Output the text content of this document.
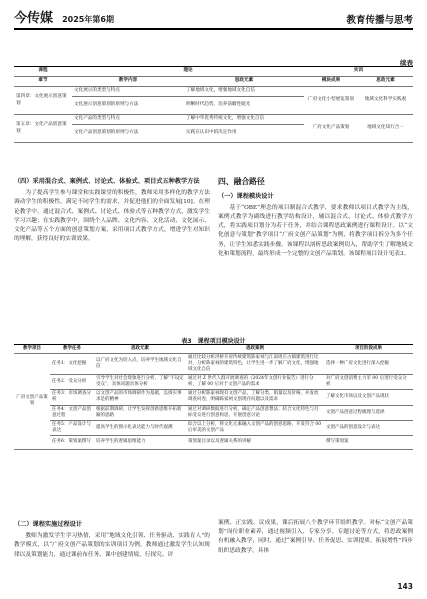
今传媒 2025年第6期	教育传播与思考
续表
课程	理论		实训	
章节	教学内容	思政元素	模块成果	思政元素
第四章：文化展示创意策划	文化展示的类型与特点	了解地域文化，增强地域文化自信	广府文化小型展览策划	地域文化科学实践观
	文化展示创意策划的原则与方法	明晰时代趋势，培养前瞻性眼光		
第五章：文化产品创意策划	文化产品的类型与特点	了解中华优秀传统文化，增强文化自信	广府文化产品策划	地域文化知行合一
	文化产品创意策划的原则与方法	实践在认识中的决定作用		
（四）采用混合式、案例式、讨论式、体验式、项目式五种教学方法

为了提高学生参与课堂和实践课堂的积极性，教师采用多样化的教学方法调动学生的积极性，满足不同学生的需求，并促进他们的全面发展[10]。在理论教学中，通过混合式、案例式、讨论式、体验式等五种教学方式，激发学生学习兴趣；在实践教学中，围绕个人品牌、文化内容、文化活动、文化展示、文化产品等五个方面的创意策划方案，采用项目式教学方式，增进学生对知识的理解，获得良好的实训效果。

四、融合路径
（一）课程模块设计

基于“OBE”理念的项目制混合式教学，要求教师以项目式教学为主线，案例式教学为副线进行教学结构设计，辅以混合式、讨论式、体验式教学方式，将实践项目划分为若干任务，并结合课程思政案例进行课程设计。以“文化创意与策划”教学项目“广府文创产品策划”为例，将教学项目拆分为多个任务，让学生知悉实践步骤。该课程以剖析思政案例切入，帮助学生了解地域文化和策划流程，最终形成一个完整的文创产品策划。该课程项目设计见表3。

表3　课程项目模块设计
教学项目	教学任务	思政元素	思政案例	项目阶段成果
广府文创产品策划	任务1：文化挖掘	以广府文化为切入点，培养学生地域文化自信	通过比较分析洪桥开府传统建筑陈家祠与江南周庄古镇建筑进行比对，分析陈家祠的建筑特色，让学生进一步了解广府文化，增强地域文化自信	选择一种广府文化进行深入挖掘
	任务2：受众分析	引导学生对社会现象进行分析，了解“不设定受众”，具体问题具体分析	通过对 Z 世代人群开展调查的《2024年文创行业报告》进行分析，了解 00 后对于文创产品的需求	对广府文创消费主力军 00 后进行受众分析
	任务3：市场调查分析	以文创产品的市场调研作为基础，弘扬实事求是的精神	通过分析陈家祠现有文创产品，了解分类、销量以及价格，并发放调查问卷，明确陈家祠文创现存问题以及需求	了解文化市场以及文创产品现状
	任务4：文创产品创意过程	根据前期调研，让学生发挥创新思维开拓新颖的思路	通过对调研数据进行分析，确定产品创意想法；结合文化特色与目标受众进行创意构思，开展创意讨论	文创产品创意过程梳理与选择
	任务5：产品设计与表达	提高学生的图示化表达能力与时代观测	综合以上分析，将文化元素融入文创产品的创意思路，开发符合 00 后审美的文创产品	文创产品的创意设计与表达
	任务6：策划案撰写	培养学生的逻辑思维能力	策划案目录以及逻辑关系的讲解	撰写策划案
（二）课程实施过程设计

教师为激发学生学习热情，采用“地域文化引领、任务驱动、实践育人”的教学模式，以“广府文创产品策划的实训项目为例，教师通过激发学生认知规律以及策划能力，通过课前布任务、课中创建情境、行探究、评

案例、正实践、议成果，课后拓展八个教学环节组织教学。对标“文创产品策划”岗位职业素养，通过视频引入、专家分享、专题讨论等方式，将思政案例有机融入教学，同时，通过“案例引导、任务促思、实训提质、拓展增性”四步组织思政教学，具体

143
